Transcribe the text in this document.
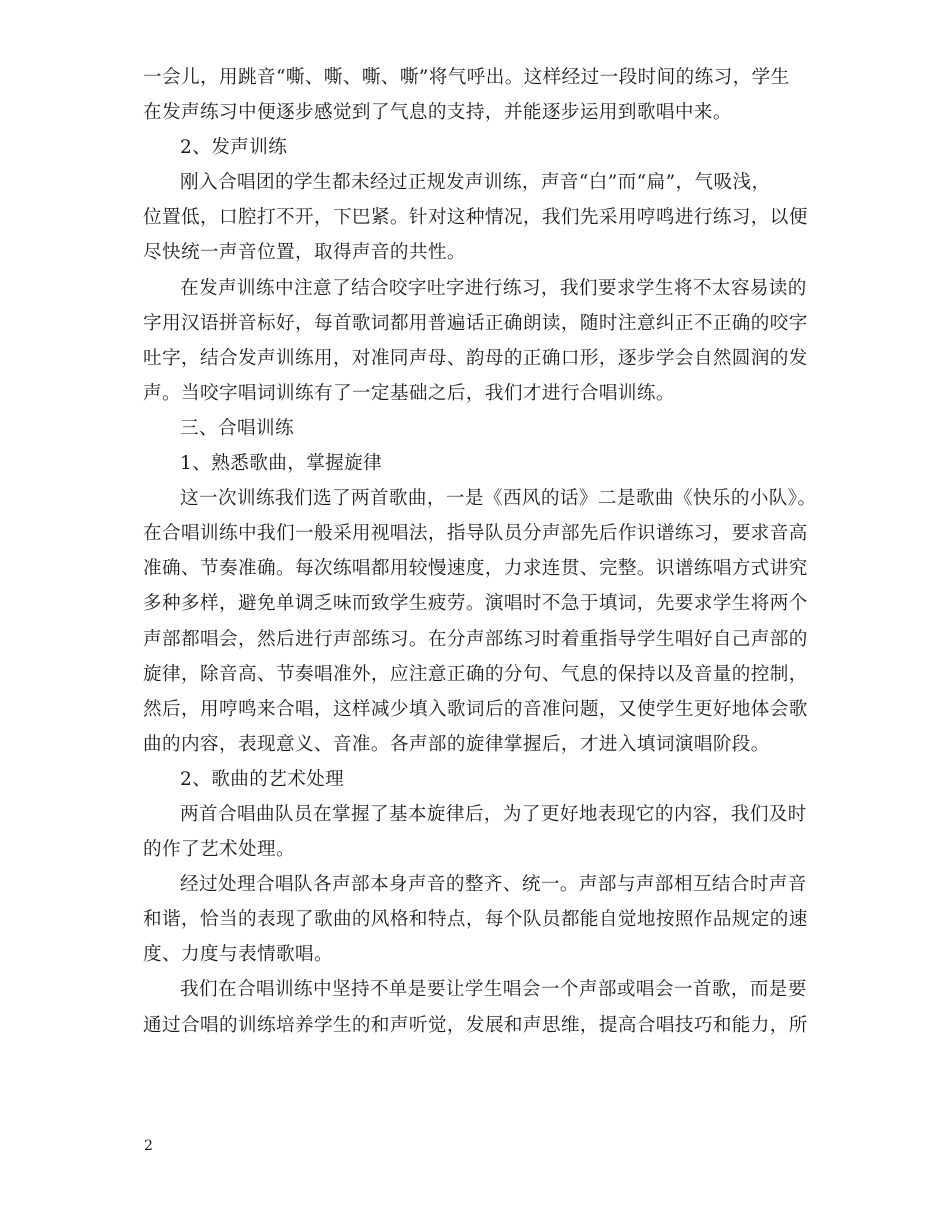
一会儿，用跳音“嘶、嘶、嘶、嘶”将气呼出。这样经过一段时间的练习，学生
在发声练习中便逐步感觉到了气息的支持，并能逐步运用到歌唱中来。
2、发声训练
刚入合唱团的学生都未经过正规发声训练，声音“白”而“扁”，气吸浅，
位置低，口腔打不开，下巴紧。针对这种情况，我们先采用哼鸣进行练习，以便
尽快统一声音位置，取得声音的共性。
在发声训练中注意了结合咬字吐字进行练习，我们要求学生将不太容易读的
字用汉语拼音标好，每首歌词都用普遍话正确朗读，随时注意纠正不正确的咬字
吐字，结合发声训练用，对准同声母、韵母的正确口形，逐步学会自然圆润的发
声。当咬字唱词训练有了一定基础之后，我们才进行合唱训练。
三、合唱训练
1、熟悉歌曲，掌握旋律
这一次训练我们选了两首歌曲，一是《西风的话》二是歌曲《快乐的小队》。
在合唱训练中我们一般采用视唱法，指导队员分声部先后作识谱练习，要求音高
准确、节奏准确。每次练唱都用较慢速度，力求连贯、完整。识谱练唱方式讲究
多种多样，避免单调乏味而致学生疲劳。演唱时不急于填词，先要求学生将两个
声部都唱会，然后进行声部练习。在分声部练习时着重指导学生唱好自己声部的
旋律，除音高、节奏唱准外，应注意正确的分句、气息的保持以及音量的控制，
然后，用哼鸣来合唱，这样减少填入歌词后的音准问题，又使学生更好地体会歌
曲的内容，表现意义、音准。各声部的旋律掌握后，才进入填词演唱阶段。
2、歌曲的艺术处理
两首合唱曲队员在掌握了基本旋律后，为了更好地表现它的内容，我们及时
的作了艺术处理。
经过处理合唱队各声部本身声音的整齐、统一。声部与声部相互结合时声音
和谐，恰当的表现了歌曲的风格和特点，每个队员都能自觉地按照作品规定的速
度、力度与表情歌唱。
我们在合唱训练中坚持不单是要让学生唱会一个声部或唱会一首歌，而是要
通过合唱的训练培养学生的和声听觉，发展和声思维，提高合唱技巧和能力，所
2
